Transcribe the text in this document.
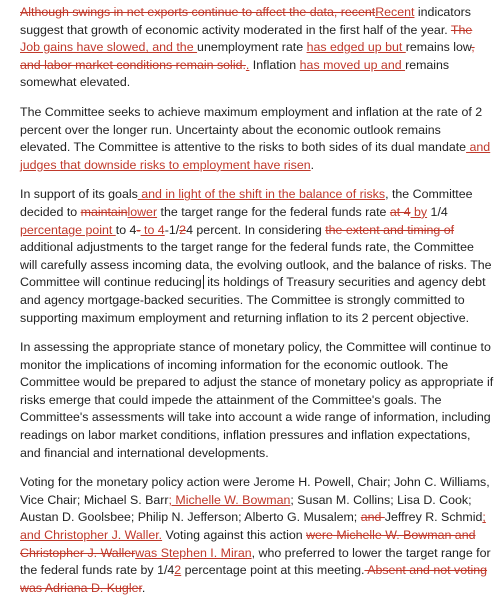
Although swings in net exports continue to affect the data, recentRecent indicators suggest that growth of economic activity moderated in the first half of the year. The Job gains have slowed, and the unemployment rate has edged up but remains low, and labor market conditions remain solid.. Inflation has moved up and remains somewhat elevated.

The Committee seeks to achieve maximum employment and inflation at the rate of 2 percent over the longer run. Uncertainty about the economic outlook remains elevated. The Committee is attentive to the risks to both sides of its dual mandate and judges that downside risks to employment have risen.

In support of its goals and in light of the shift in the balance of risks, the Committee decided to maintainlower the target range for the federal funds rate at 4 by 1/4 percentage point to 4- to 4-1/24 percent. In considering the extent and timing of additional adjustments to the target range for the federal funds rate, the Committee will carefully assess incoming data, the evolving outlook, and the balance of risks. The Committee will continue reducing its holdings of Treasury securities and agency debt and agency mortgage-backed securities. The Committee is strongly committed to supporting maximum employment and returning inflation to its 2 percent objective.

In assessing the appropriate stance of monetary policy, the Committee will continue to monitor the implications of incoming information for the economic outlook. The Committee would be prepared to adjust the stance of monetary policy as appropriate if risks emerge that could impede the attainment of the Committee's goals. The Committee's assessments will take into account a wide range of information, including readings on labor market conditions, inflation pressures and inflation expectations, and financial and international developments.

Voting for the monetary policy action were Jerome H. Powell, Chair; John C. Williams, Vice Chair; Michael S. Barr; Michelle W. Bowman; Susan M. Collins; Lisa D. Cook; Austan D. Goolsbee; Philip N. Jefferson; Alberto G. Musalem; and Jeffrey R. Schmid; and Christopher J. Waller. Voting against this action were Michelle W. Bowman and Christopher J. Wallerwas Stephen I. Miran, who preferred to lower the target range for the federal funds rate by 1/42 percentage point at this meeting. Absent and not voting was Adriana D. Kugler.
